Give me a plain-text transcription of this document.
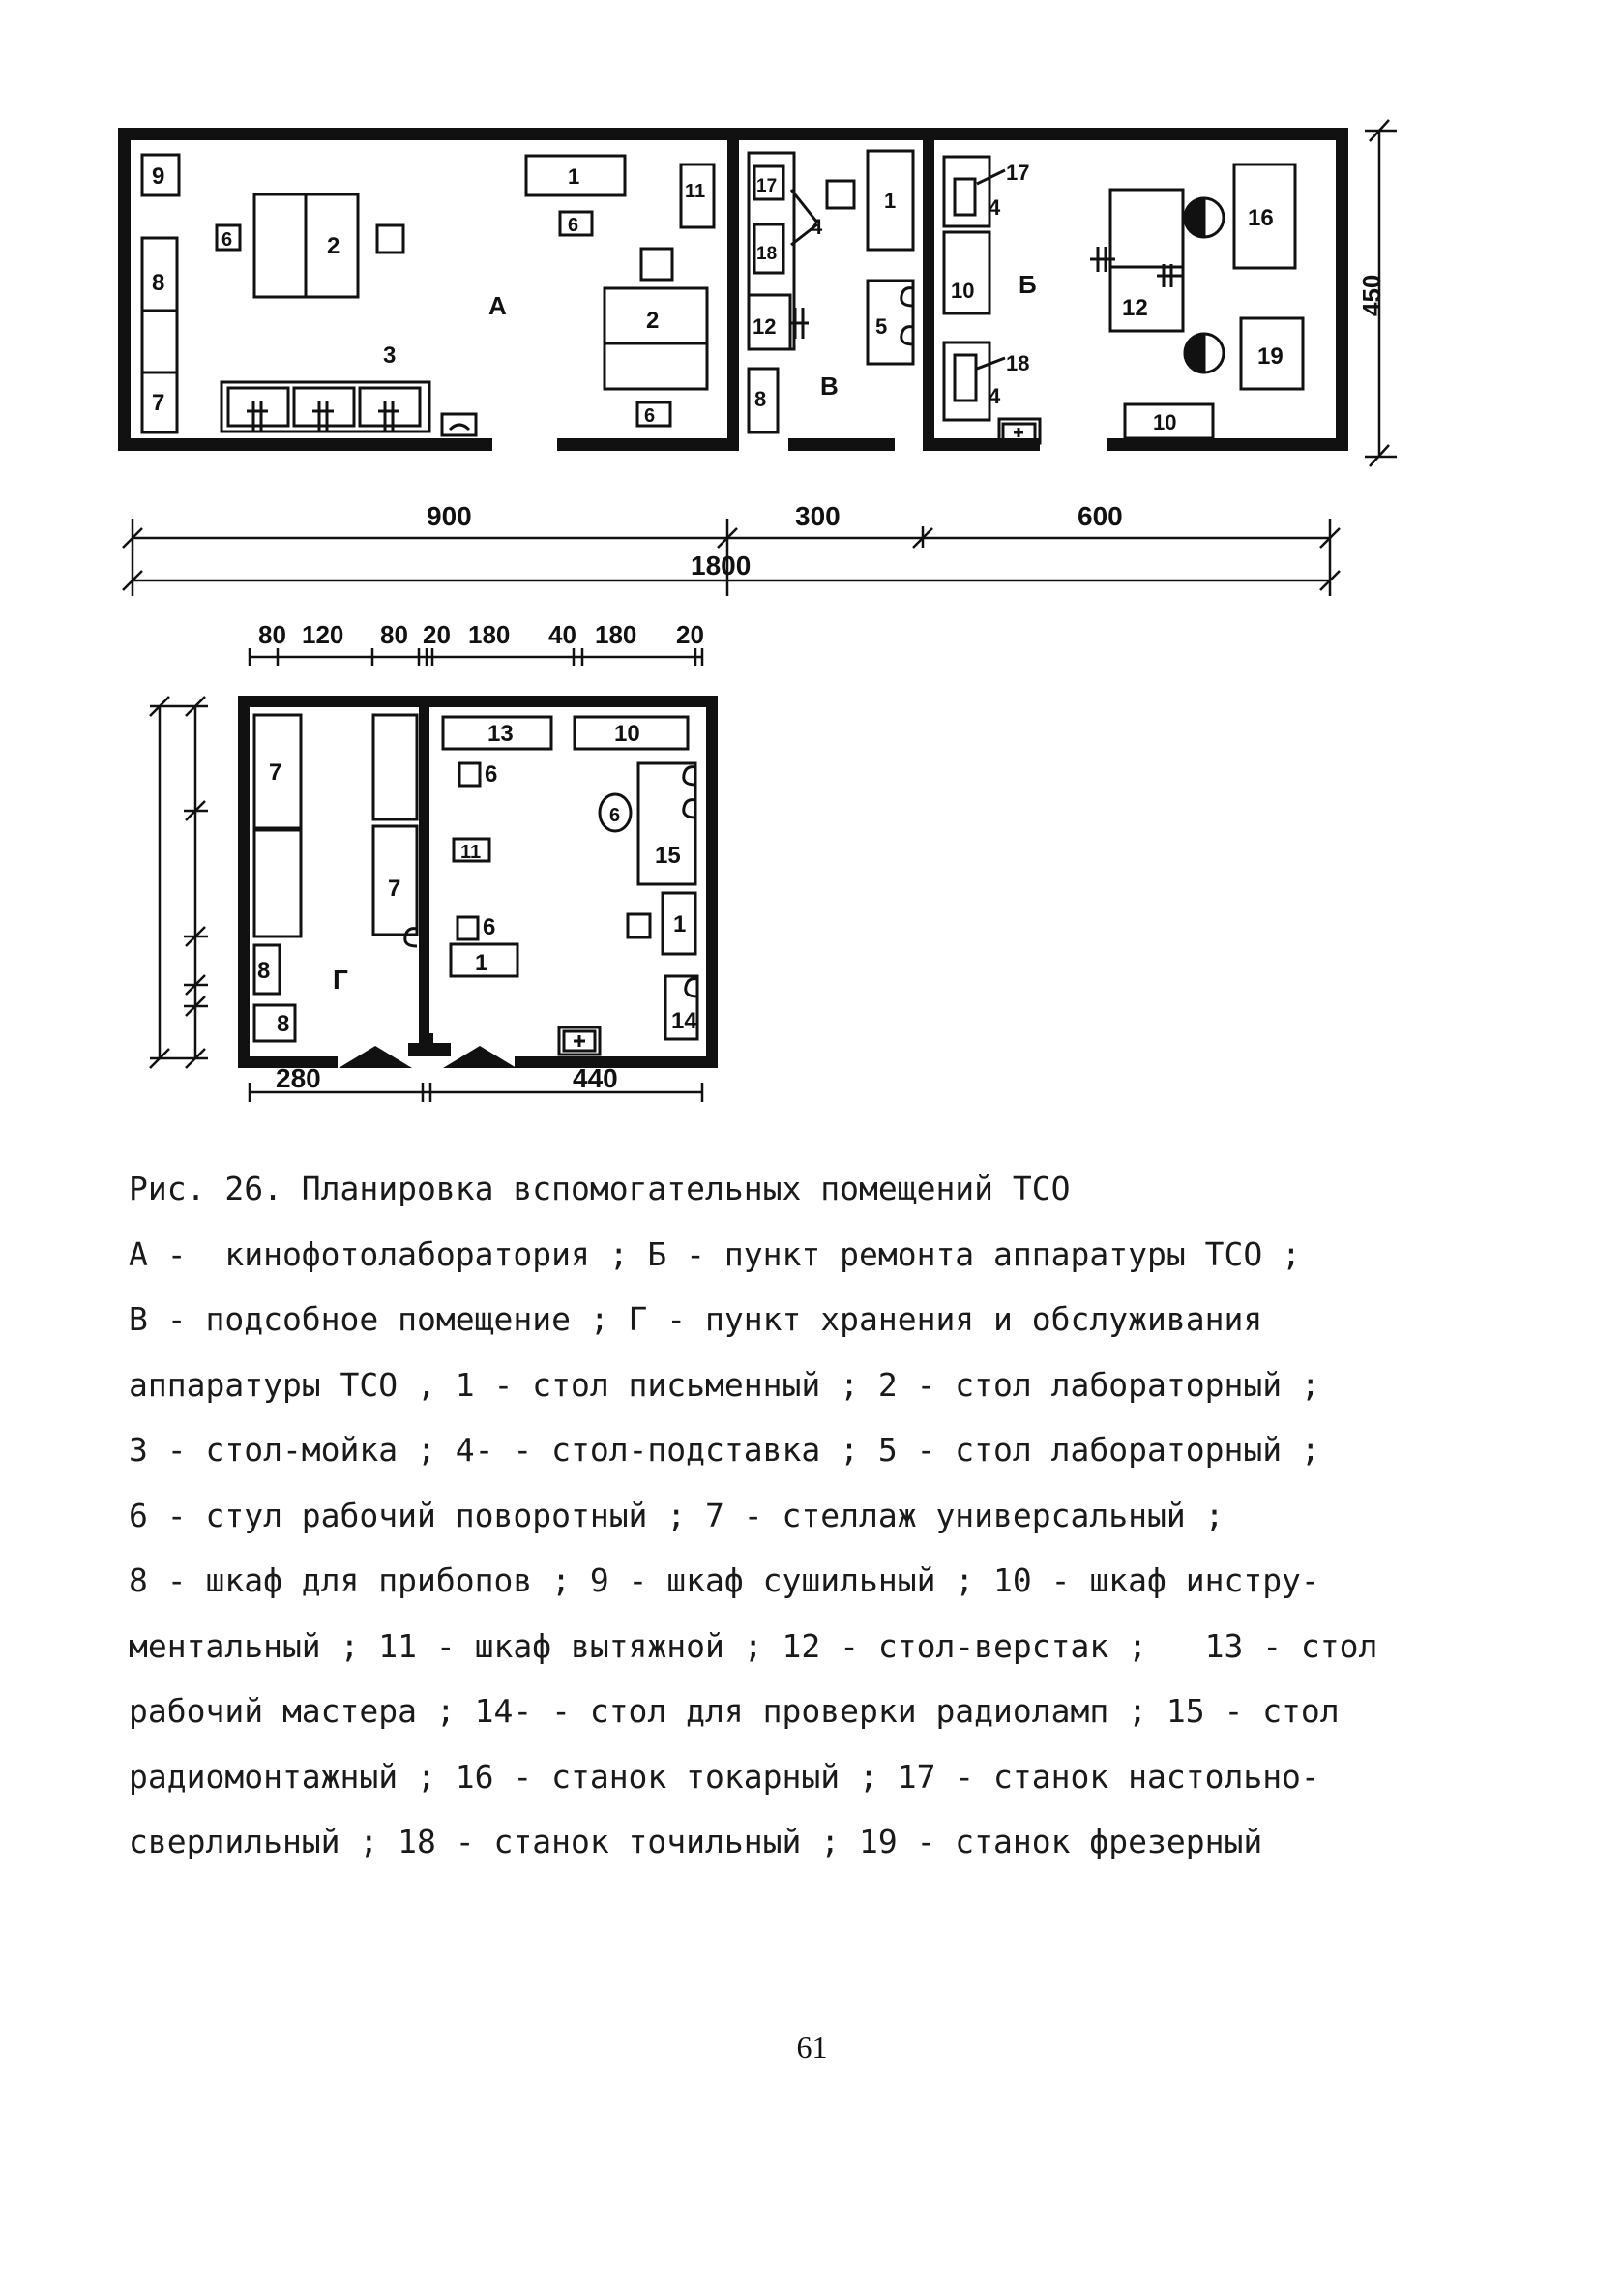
9
8
7
2
6
3
1
6
11
2
6
А
17
18
12
8
4
1
5
В
17
4
10 Б
18
4
12
16
19
10
450
900	300	600
1800
80 120 80 20 180 40 180 20
7
7
8
8
Г
13	10
6
6
11	15
6
1
1
14
280	440

Рис. 26. Планировка вспомогательных помещений ТСО

А -  кинофотолаборатория ; Б - пункт ремонта аппаратуры ТСО ;

В - подсобное помещение ; Г - пункт хранения и обслуживания

аппаратуры ТСО , 1 - стол письменный ; 2 - стол лабораторный ;

3 - стол-мойка ; 4- - стол-подставка ; 5 - стол лабораторный ;

6 - стул рабочий поворотный ; 7 - стеллаж универсальный ;

8 - шкаф для прибопов ; 9 - шкаф сушильный ; 10 - шкаф инстру-

ментальный ; 11 - шкаф вытяжной ; 12 - стол-верстак ;   13 - стол

рабочий мастера ; 14- - стол для проверки радиоламп ; 15 - стол

радиомонтажный ; 16 - станок токарный ; 17 - станок настольно-

сверлильный ; 18 - станок точильный ; 19 - станок фрезерный

61
